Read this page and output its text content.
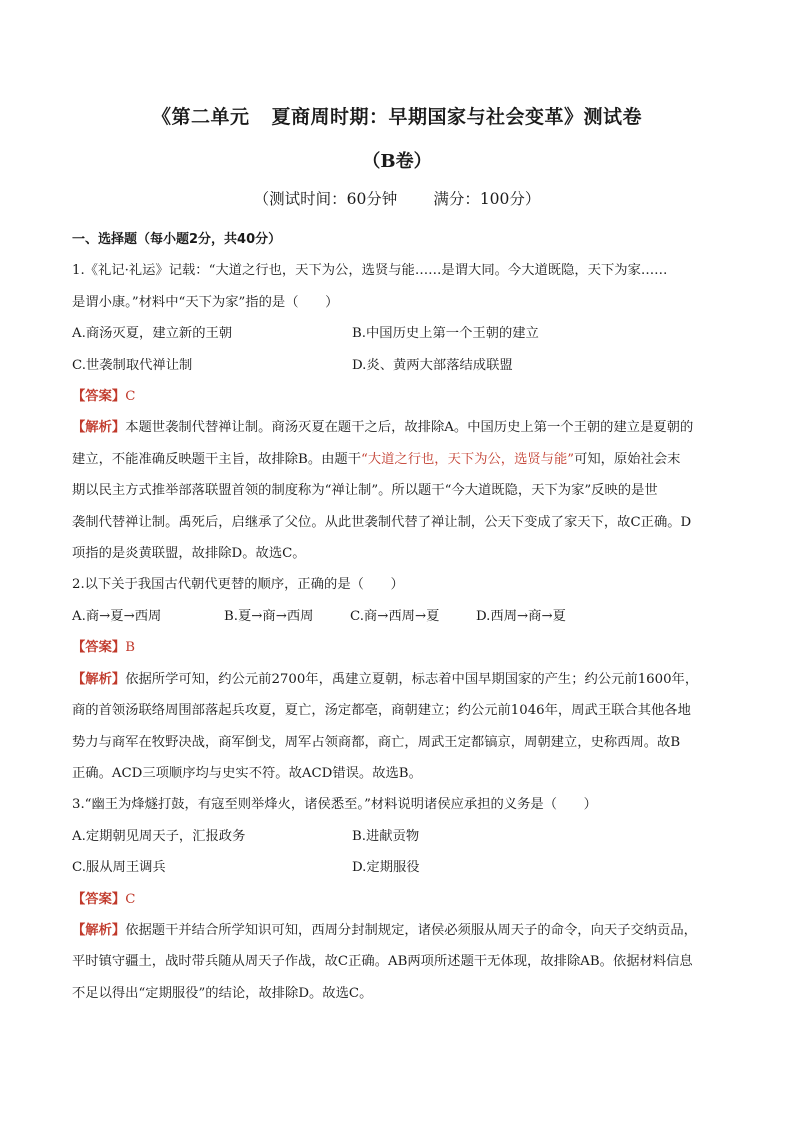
《第二单元 夏商周时期：早期国家与社会变革》测试卷
（B卷）
（测试时间：60分钟 满分：100分）
一、选择题（每小题2分，共40分）
1.《礼记·礼运》记载：“大道之行也，天下为公，选贤与能……是谓大同。今大道既隐，天下为家……
是谓小康。”材料中“天下为家”指的是（　　）
A.商汤灭夏，建立新的王朝	B.中国历史上第一个王朝的建立
C.世袭制取代禅让制	D.炎、黄两大部落结成联盟
【答案】C
【解析】本题世袭制代替禅让制。商汤灭夏在题干之后，故排除A。中国历史上第一个王朝的建立是夏朝的
建立，不能准确反映题干主旨，故排除B。由题干“大道之行也，天下为公，选贤与能”可知，原始社会末
期以民主方式推举部落联盟首领的制度称为“禅让制”。所以题干“今大道既隐，天下为家”反映的是世
袭制代替禅让制。禹死后，启继承了父位。从此世袭制代替了禅让制，公天下变成了家天下，故C正确。D
项指的是炎黄联盟，故排除D。故选C。
2.以下关于我国古代朝代更替的顺序，正确的是（　　）
A.商→夏→西周	B.夏→商→西周	C.商→西周→夏	D.西周→商→夏
【答案】B
【解析】依据所学可知，约公元前2700年，禹建立夏朝，标志着中国早期国家的产生；约公元前1600年，
商的首领汤联络周围部落起兵攻夏，夏亡，汤定都亳，商朝建立；约公元前1046年，周武王联合其他各地
势力与商军在牧野决战，商军倒戈，周军占领商都，商亡，周武王定都镐京，周朝建立，史称西周。故B
正确。ACD三项顺序均与史实不符。故ACD错误。故选B。
3.“幽王为烽燧打鼓，有寇至则举烽火，诸侯悉至。”材料说明诸侯应承担的义务是（　　）
A.定期朝见周天子，汇报政务	B.进献贡物
C.服从周王调兵	D.定期服役
【答案】C
【解析】依据题干并结合所学知识可知，西周分封制规定，诸侯必须服从周天子的命令，向天子交纳贡品，
平时镇守疆土，战时带兵随从周天子作战，故C正确。AB两项所述题干无体现，故排除AB。依据材料信息
不足以得出“定期服役”的结论，故排除D。故选C。
